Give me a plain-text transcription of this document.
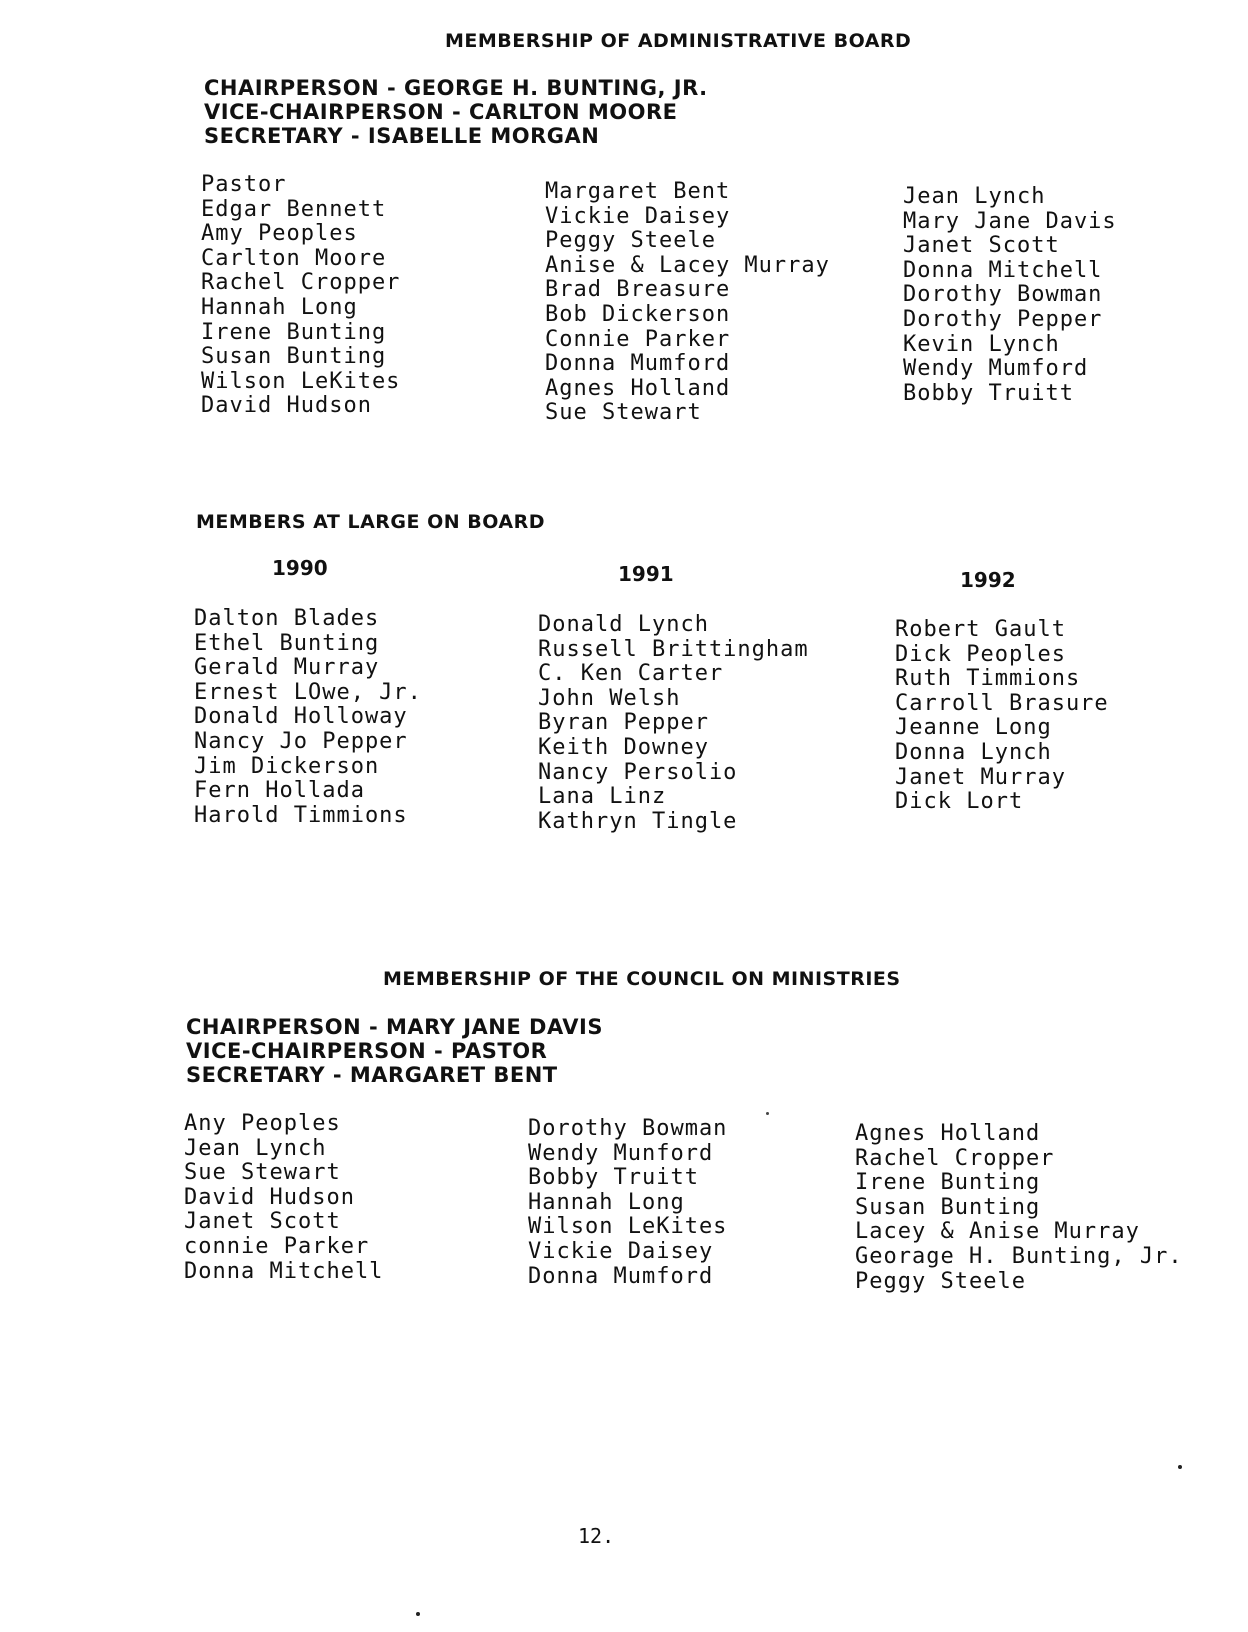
MEMBERSHIP OF ADMINISTRATIVE BOARD
CHAIRPERSON - GEORGE H. BUNTING, JR.
VICE-CHAIRPERSON - CARLTON MOORE
SECRETARY - ISABELLE MORGAN
Pastor
Edgar Bennett
Amy Peoples
Carlton Moore
Rachel Cropper
Hannah Long
Irene Bunting
Susan Bunting
Wilson LeKites
David Hudson
Margaret Bent
Vickie Daisey
Peggy Steele
Anise & Lacey Murray
Brad Breasure
Bob Dickerson
Connie Parker
Donna Mumford
Agnes Holland
Sue Stewart
Jean Lynch
Mary Jane Davis
Janet Scott
Donna Mitchell
Dorothy Bowman
Dorothy Pepper
Kevin Lynch
Wendy Mumford
Bobby Truitt
MEMBERS AT LARGE ON BOARD
1990	1991	1992
Dalton Blades
Ethel Bunting
Gerald Murray
Ernest LOwe, Jr.
Donald Holloway
Nancy Jo Pepper
Jim Dickerson
Fern Hollada
Harold Timmions
Donald Lynch
Russell Brittingham
C. Ken Carter
John Welsh
Byran Pepper
Keith Downey
Nancy Persolio
Lana Linz
Kathryn Tingle
Robert Gault
Dick Peoples
Ruth Timmions
Carroll Brasure
Jeanne Long
Donna Lynch
Janet Murray
Dick Lort
MEMBERSHIP OF THE COUNCIL ON MINISTRIES
CHAIRPERSON - MARY JANE DAVIS
VICE-CHAIRPERSON - PASTOR
SECRETARY - MARGARET BENT
Any Peoples
Jean Lynch
Sue Stewart
David Hudson
Janet Scott
connie Parker
Donna Mitchell
Dorothy Bowman
Wendy Munford
Bobby Truitt
Hannah Long
Wilson LeKites
Vickie Daisey
Donna Mumford
Agnes Holland
Rachel Cropper
Irene Bunting
Susan Bunting
Lacey & Anise Murray
Georage H. Bunting, Jr.
Peggy Steele
12.
